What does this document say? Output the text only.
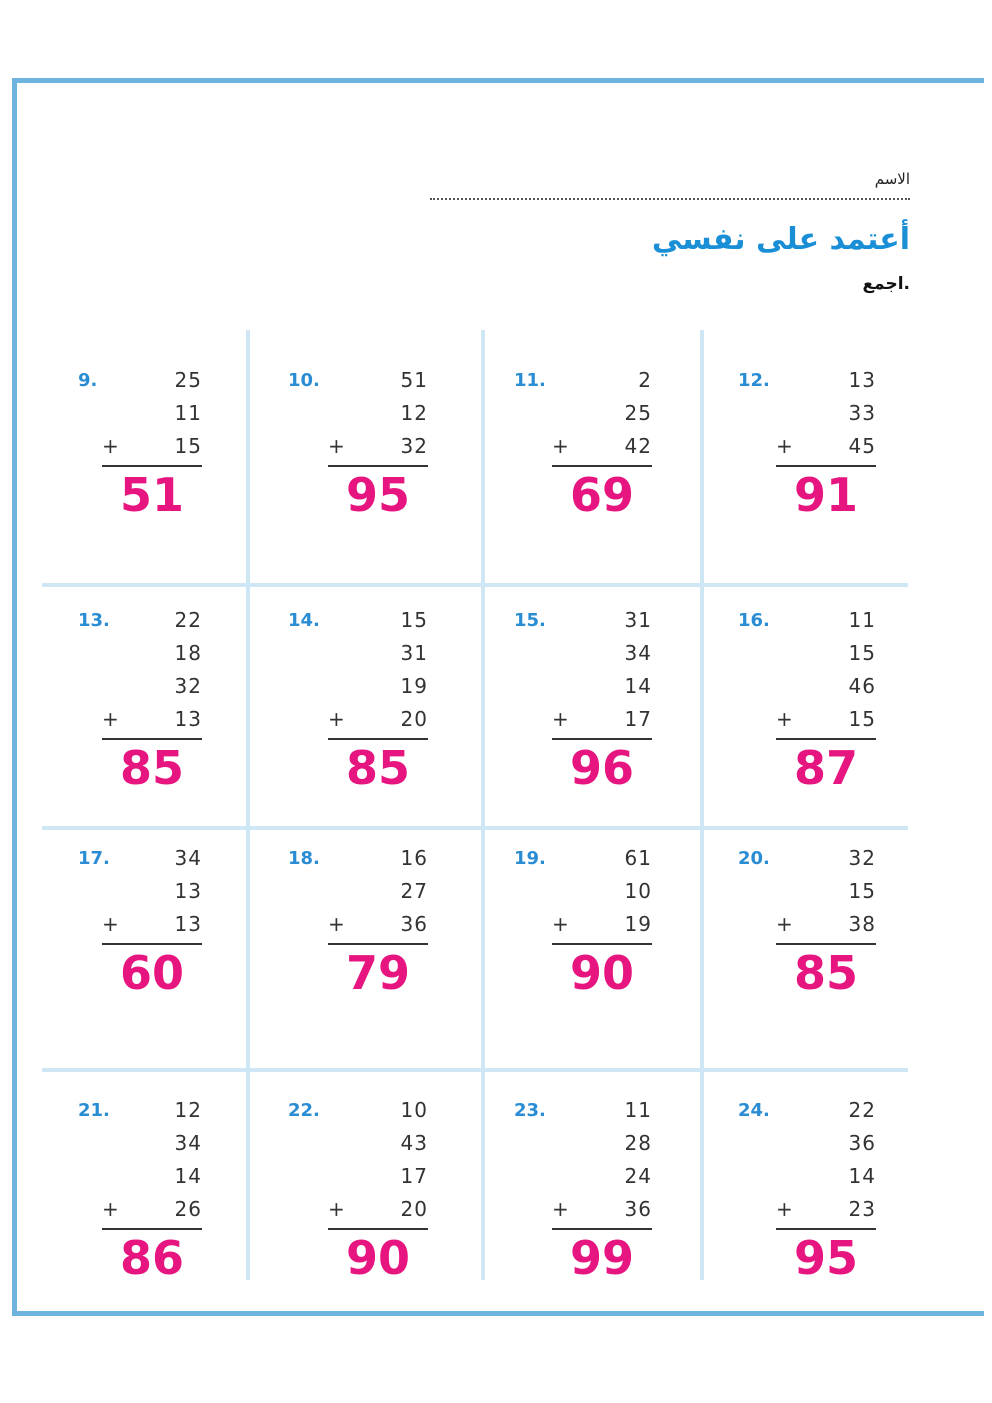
الاسم
أعتمد على نفسي
اجمع.
9.	25
11
+	15
51
10.	51
12
+	32
95
11.	2
25
+	42
69
12.	13
33
+	45
91
13.	22
18
32
+	13
85
14.	15
31
19
+	20
85
15.	31
34
14
+	17
96
16.	11
15
46
+	15
87
17.	34
13
+	13
60
18.	16
27
+	36
79
19.	61
10
+	19
90
20.	32
15
+	38
85
21.	12
34
14
+	26
86
22.	10
43
17
+	20
90
23.	11
28
24
+	36
99
24.	22
36
14
+	23
95
